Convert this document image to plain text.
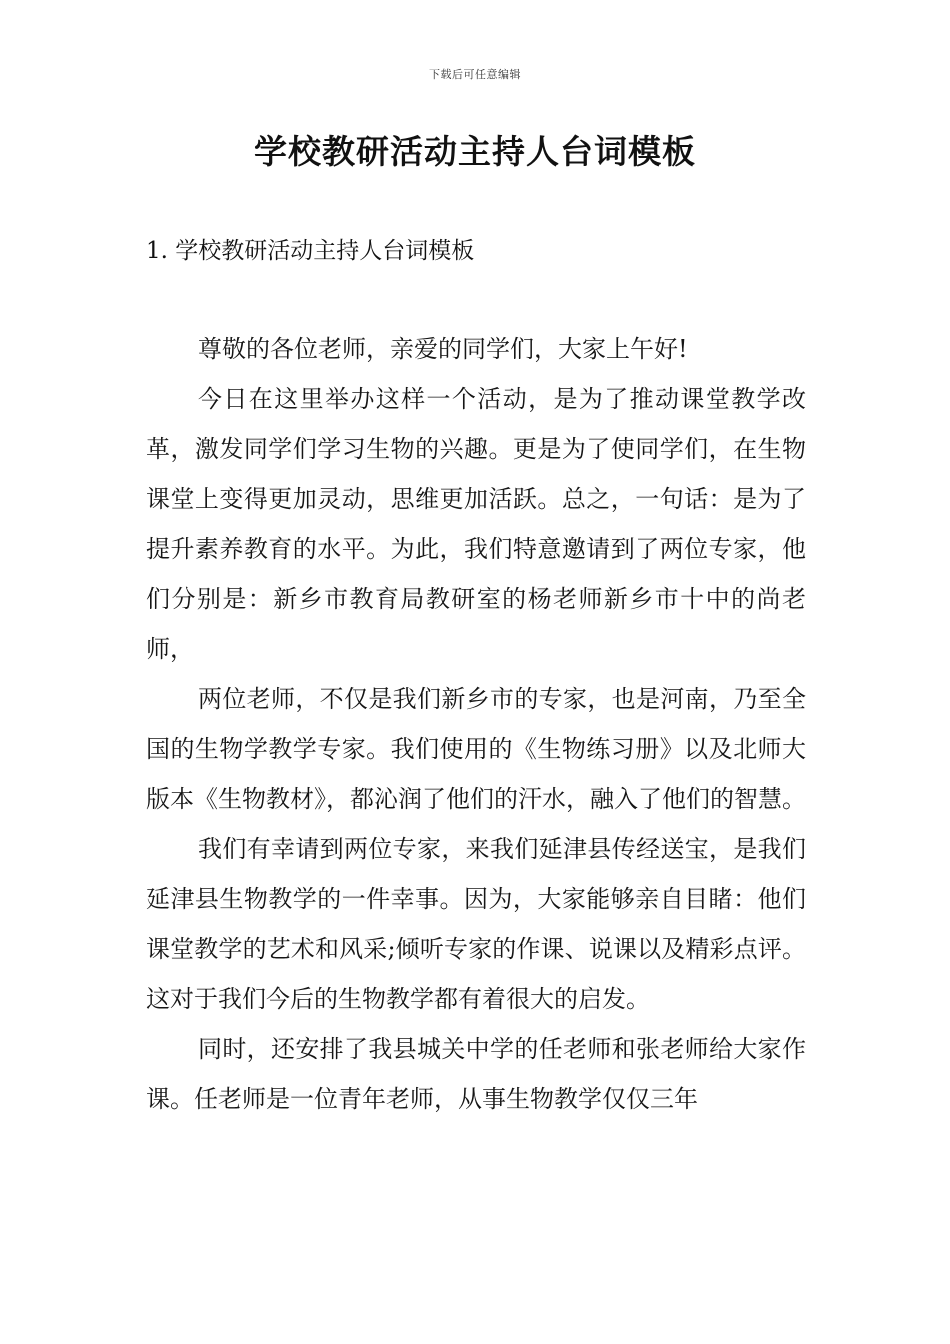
下载后可任意编辑
学校教研活动主持人台词模板
1. 学校教研活动主持人台词模板

尊敬的各位老师，亲爱的同学们，大家上午好!

今日在这里举办这样一个活动，是为了推动课堂教学改革，激发同学们学习生物的兴趣。更是为了使同学们，在生物课堂上变得更加灵动，思维更加活跃。总之，一句话：是为了提升素养教育的水平。为此，我们特意邀请到了两位专家，他们分别是：新乡市教育局教研室的杨老师新乡市十中的尚老师，

两位老师，不仅是我们新乡市的专家，也是河南，乃至全国的生物学教学专家。我们使用的《生物练习册》以及北师大版本《生物教材》，都沁润了他们的汗水，融入了他们的智慧。

我们有幸请到两位专家，来我们延津县传经送宝，是我们延津县生物教学的一件幸事。因为，大家能够亲自目睹：他们课堂教学的艺术和风采;倾听专家的作课、说课以及精彩点评。这对于我们今后的生物教学都有着很大的启发。

同时，还安排了我县城关中学的任老师和张老师给大家作课。任老师是一位青年老师，从事生物教学仅仅三年
